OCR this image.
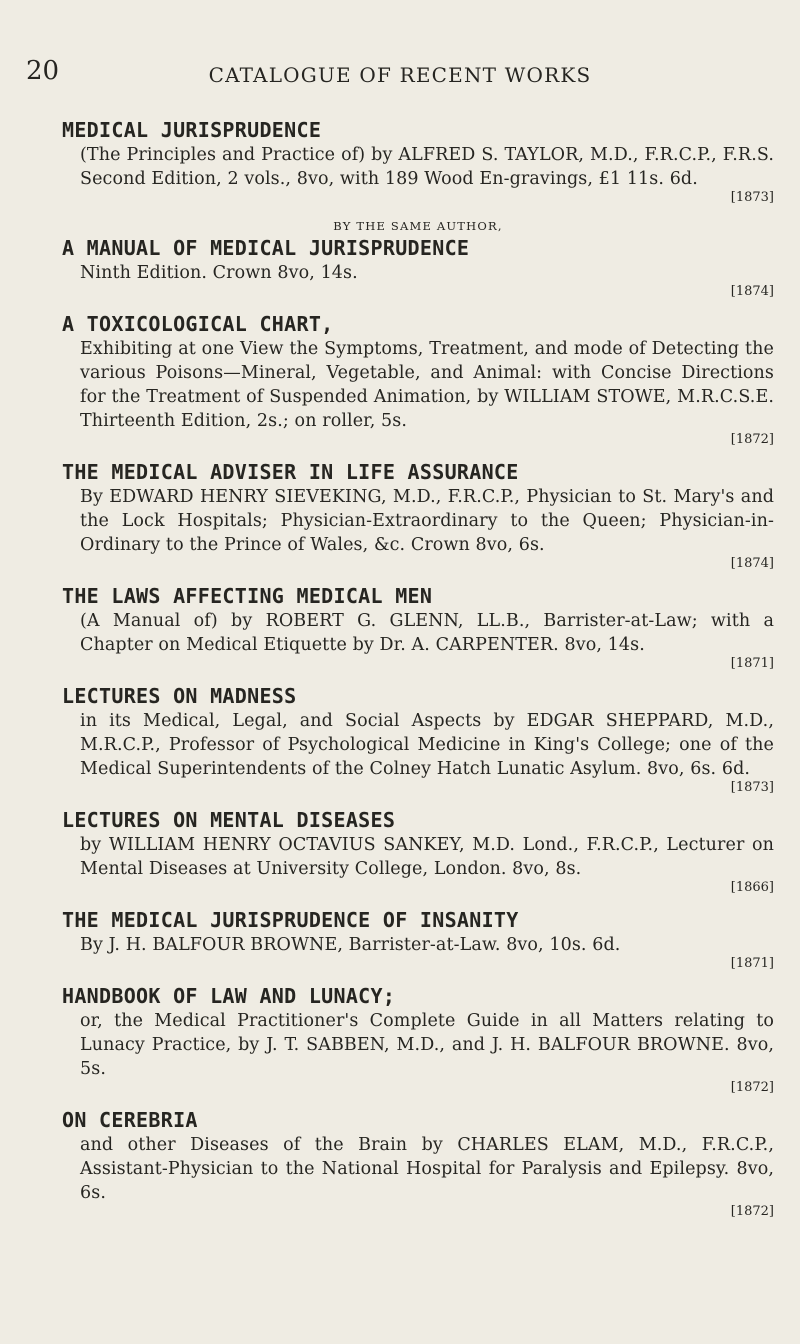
20	CATALOGUE OF RECENT WORKS
MEDICAL JURISPRUDENCE
(The Principles and Practice of) by ALFRED S. TAYLOR, M.D., F.R.C.P., F.R.S. Second Edition, 2 vols., 8vo, with 189 Wood En-gravings, £1 11s. 6d.
[1873]
BY THE SAME AUTHOR,
A MANUAL OF MEDICAL JURISPRUDENCE
Ninth Edition. Crown 8vo, 14s.
[1874]
A TOXICOLOGICAL CHART,
Exhibiting at one View the Symptoms, Treatment, and mode of Detecting the various Poisons—Mineral, Vegetable, and Animal: with Concise Directions for the Treatment of Suspended Animation, by WILLIAM STOWE, M.R.C.S.E. Thirteenth Edition, 2s.; on roller, 5s.
[1872]
THE MEDICAL ADVISER IN LIFE ASSURANCE
By EDWARD HENRY SIEVEKING, M.D., F.R.C.P., Physician to St. Mary's and the Lock Hospitals; Physician-Extraordinary to the Queen; Physician-in-Ordinary to the Prince of Wales, &c. Crown 8vo, 6s.
[1874]
THE LAWS AFFECTING MEDICAL MEN
(A Manual of) by ROBERT G. GLENN, LL.B., Barrister-at-Law; with a Chapter on Medical Etiquette by Dr. A. CARPENTER. 8vo, 14s.
[1871]
LECTURES ON MADNESS
in its Medical, Legal, and Social Aspects by EDGAR SHEPPARD, M.D., M.R.C.P., Professor of Psychological Medicine in King's College; one of the Medical Superintendents of the Colney Hatch Lunatic Asylum. 8vo, 6s. 6d.
[1873]
LECTURES ON MENTAL DISEASES
by WILLIAM HENRY OCTAVIUS SANKEY, M.D. Lond., F.R.C.P., Lecturer on Mental Diseases at University College, London. 8vo, 8s.
[1866]
THE MEDICAL JURISPRUDENCE OF INSANITY
By J. H. BALFOUR BROWNE, Barrister-at-Law. 8vo, 10s. 6d.
[1871]
HANDBOOK OF LAW AND LUNACY;
or, the Medical Practitioner's Complete Guide in all Matters relating to Lunacy Practice, by J. T. SABBEN, M.D., and J. H. BALFOUR BROWNE. 8vo, 5s.
[1872]
ON CEREBRIA
and other Diseases of the Brain by CHARLES ELAM, M.D., F.R.C.P., Assistant-Physician to the National Hospital for Paralysis and Epilepsy. 8vo, 6s.
[1872]
